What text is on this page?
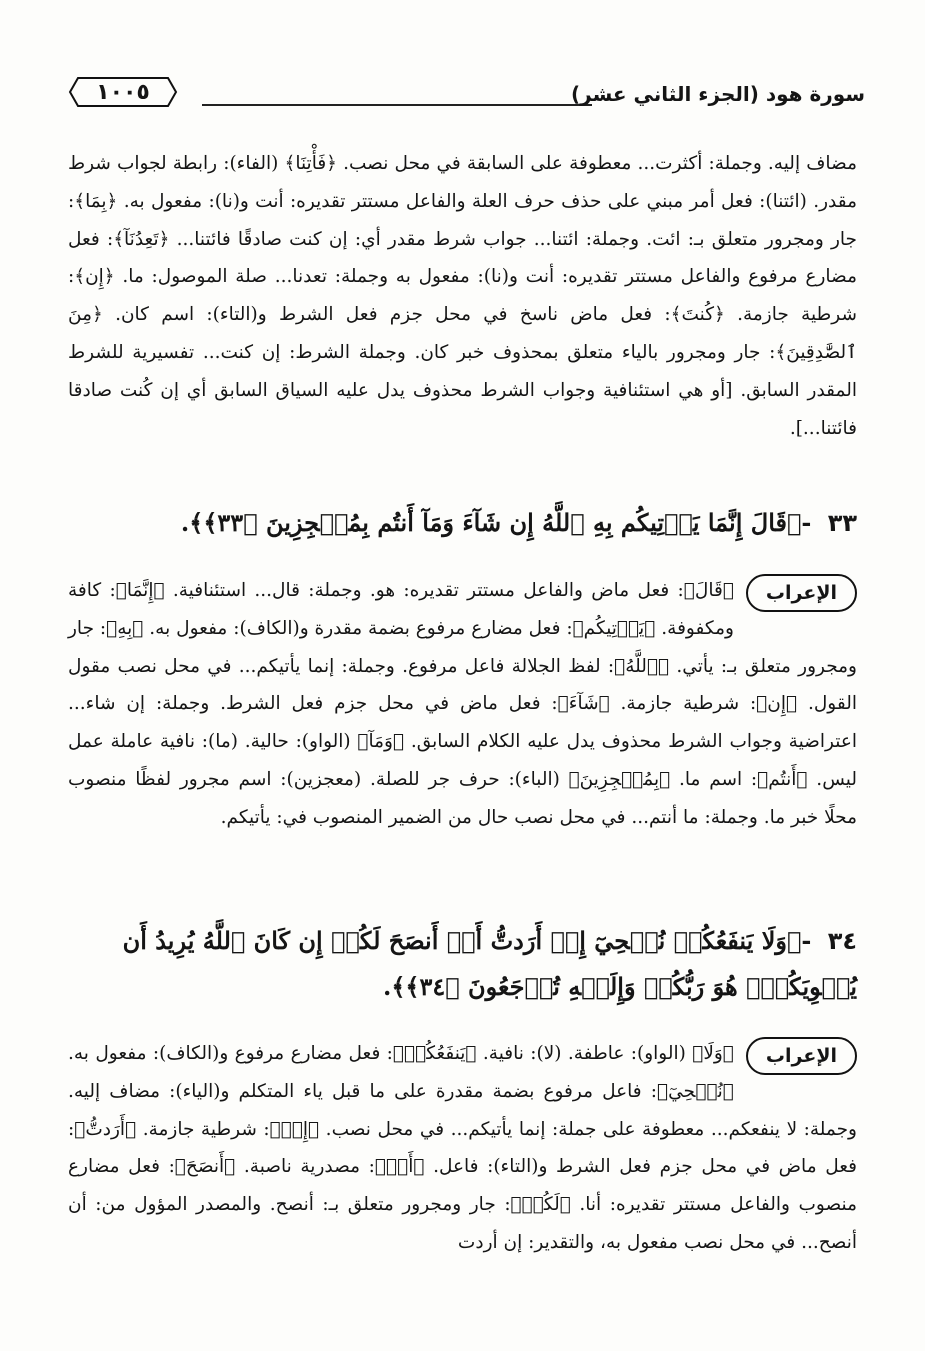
١٠٠٥	سورة هود (الجزء الثاني عشر)
مضاف إليه. وجملة: أكثرت... معطوفة على السابقة في محل نصب. ﴿فَأْتِنَا﴾ (الفاء): رابطة لجواب شرط مقدر. (ائتنا): فعل أمر مبني على حذف حرف العلة والفاعل مستتر تقديره: أنت و(نا): مفعول به. ﴿بِمَا﴾: جار ومجرور متعلق بـ: ائت. وجملة: ائتنا... جواب شرط مقدر أي: إن كنت صادقًا فائتنا... ﴿تَعِدُنَآ﴾: فعل مضارع مرفوع والفاعل مستتر تقديره: أنت و(نا): مفعول به وجملة: تعدنا... صلة الموصول: ما. ﴿إِن﴾: شرطية جازمة. ﴿كُنتَ﴾: فعل ماض ناسخ في محل جزم فعل الشرط و(التاء): اسم كان. ﴿مِنَ ٱلصَّٰدِقِينَ﴾: جار ومجرور بالياء متعلق بمحذوف خبر كان. وجملة الشرط: إن كنت... تفسيرية للشرط المقدر السابق. [أو هي استئنافية وجواب الشرط محذوف يدل عليه السياق السابق أي إن كُنت صادقا فائتنا...].
٣٣ -﴿قَالَ إِنَّمَا يَأۡتِيكُم بِهِ ٱللَّهُ إِن شَآءَ وَمَآ أَنتُم بِمُعۡجِزِينَ ﴿٣٣﴾﴾.
الإعراب
﴿قَالَ﴾: فعل ماض والفاعل مستتر تقديره: هو. وجملة: قال... استئنافية. ﴿إِنَّمَا﴾: كافة ومكفوفة. ﴿يَأۡتِيكُم﴾: فعل مضارع مرفوع بضمة مقدرة و(الكاف): مفعول به. ﴿بِهِ﴾: جار ومجرور متعلق بـ: يأتي. ﴿ٱللَّهُ﴾: لفظ الجلالة فاعل مرفوع. وجملة: إنما يأتيكم... في محل نصب مقول القول. ﴿إِن﴾: شرطية جازمة. ﴿شَآءَ﴾: فعل ماض في محل جزم فعل الشرط. وجملة: إن شاء... اعتراضية وجواب الشرط محذوف يدل عليه الكلام السابق. ﴿وَمَآ﴾ (الواو): حالية. (ما): نافية عاملة عمل ليس. ﴿أَنتُم﴾: اسم ما. ﴿بِمُعۡجِزِينَ﴾ (الباء): حرف جر للصلة. (معجزين): اسم مجرور لفظًا منصوب محلًا خبر ما. وجملة: ما أنتم... في محل نصب حال من الضمير المنصوب في: يأتيكم.
٣٤ -﴿وَلَا يَنفَعُكُمۡ نُصۡحِيٓ إِنۡ أَرَدتُّ أَنۡ أَنصَحَ لَكُمۡ إِن كَانَ ٱللَّهُ يُرِيدُ أَن يُغۡوِيَكُمۡۚ هُوَ رَبُّكُمۡ وَإِلَيۡهِ تُرۡجَعُونَ ﴿٣٤﴾﴾.
الإعراب
﴿وَلَا﴾ (الواو): عاطفة. (لا): نافية. ﴿يَنفَعُكُمۡ﴾: فعل مضارع مرفوع و(الكاف): مفعول به. ﴿نُصۡحِيٓ﴾: فاعل مرفوع بضمة مقدرة على ما قبل ياء المتكلم و(الياء): مضاف إليه. وجملة: لا ينفعكم... معطوفة على جملة: إنما يأتيكم... في محل نصب. ﴿إِنۡ﴾: شرطية جازمة. ﴿أَرَدتُّ﴾: فعل ماض في محل جزم فعل الشرط و(التاء): فاعل. ﴿أَنۡ﴾: مصدرية ناصبة. ﴿أَنصَحَ﴾: فعل مضارع منصوب والفاعل مستتر تقديره: أنا. ﴿لَكُمۡ﴾: جار ومجرور متعلق بـ: أنصح. والمصدر المؤول من: أن أنصح... في محل نصب مفعول به، والتقدير: إن أردت
